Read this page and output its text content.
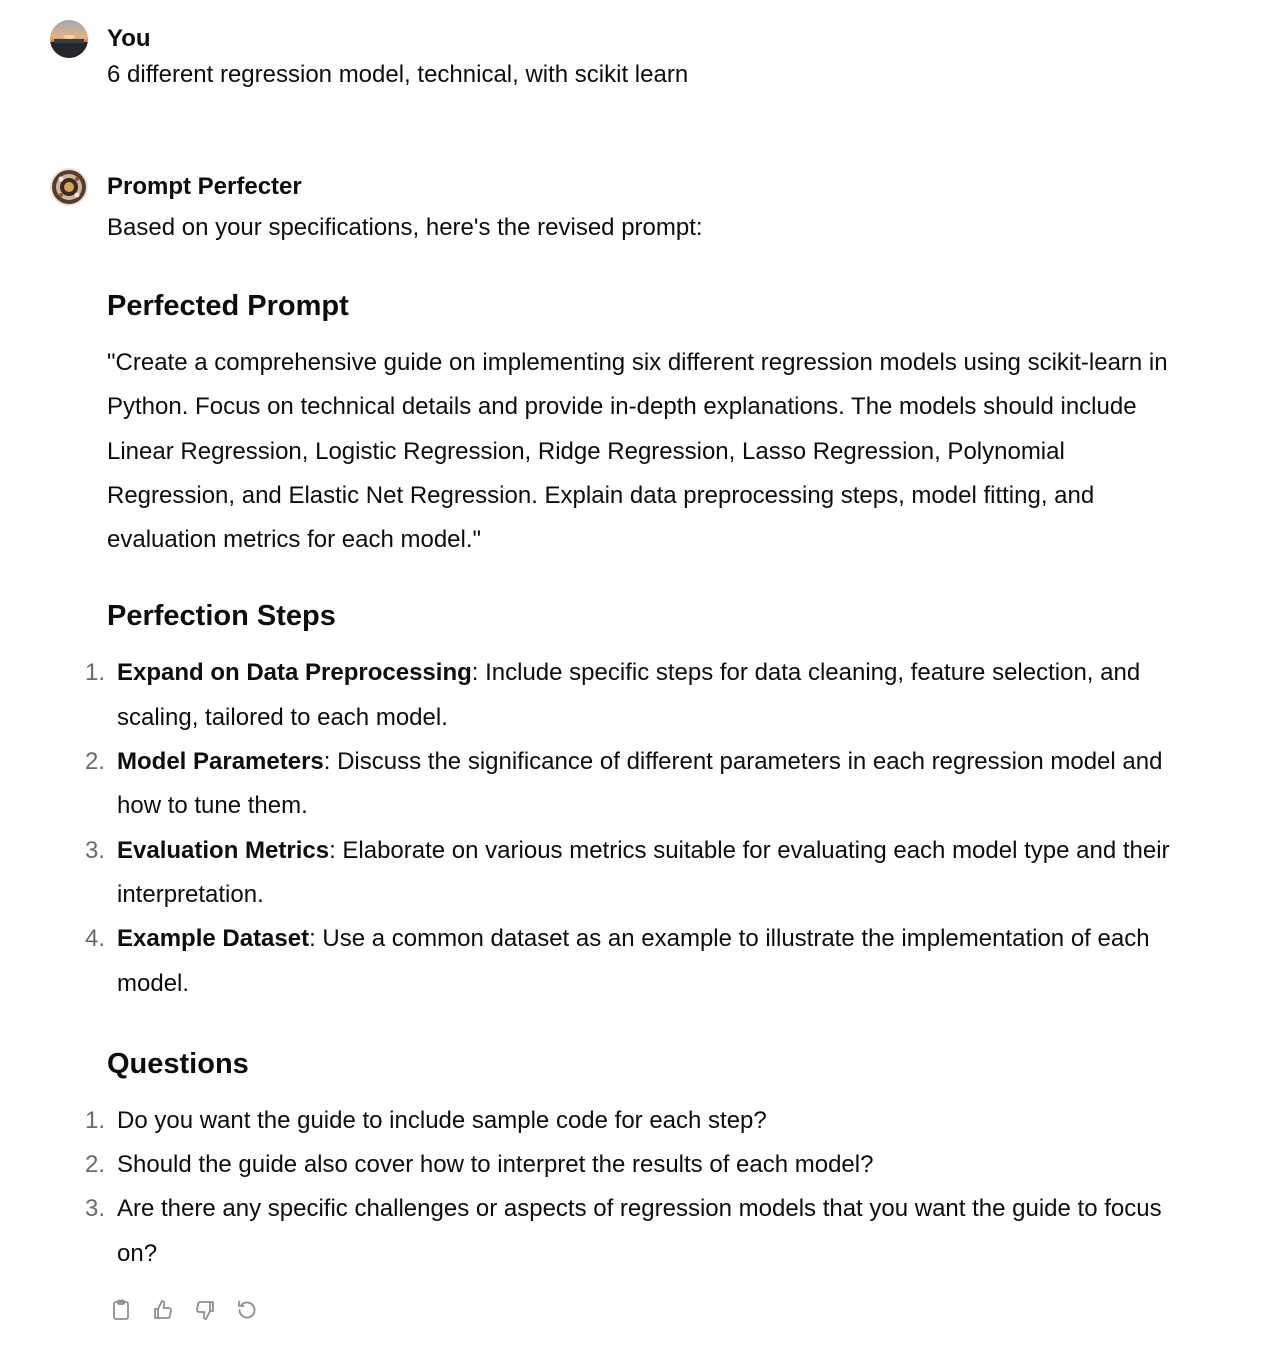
You
6 different regression model, technical, with scikit learn
Prompt Perfecter

Based on your specifications, here's the revised prompt:

Perfected Prompt

"Create a comprehensive guide on implementing six different regression models using scikit-learn in Python. Focus on technical details and provide in-depth explanations. The models should include Linear Regression, Logistic Regression, Ridge Regression, Lasso Regression, Polynomial Regression, and Elastic Net Regression. Explain data preprocessing steps, model fitting, and evaluation metrics for each model."

Perfection Steps
1. Expand on Data Preprocessing: Include specific steps for data cleaning, feature selection, and scaling, tailored to each model.
2. Model Parameters: Discuss the significance of different parameters in each regression model and how to tune them.
3. Evaluation Metrics: Elaborate on various metrics suitable for evaluating each model type and their interpretation.
4. Example Dataset: Use a common dataset as an example to illustrate the implementation of each model.
Questions
1. Do you want the guide to include sample code for each step?
2. Should the guide also cover how to interpret the results of each model?
3. Are there any specific challenges or aspects of regression models that you want the guide to focus on?
